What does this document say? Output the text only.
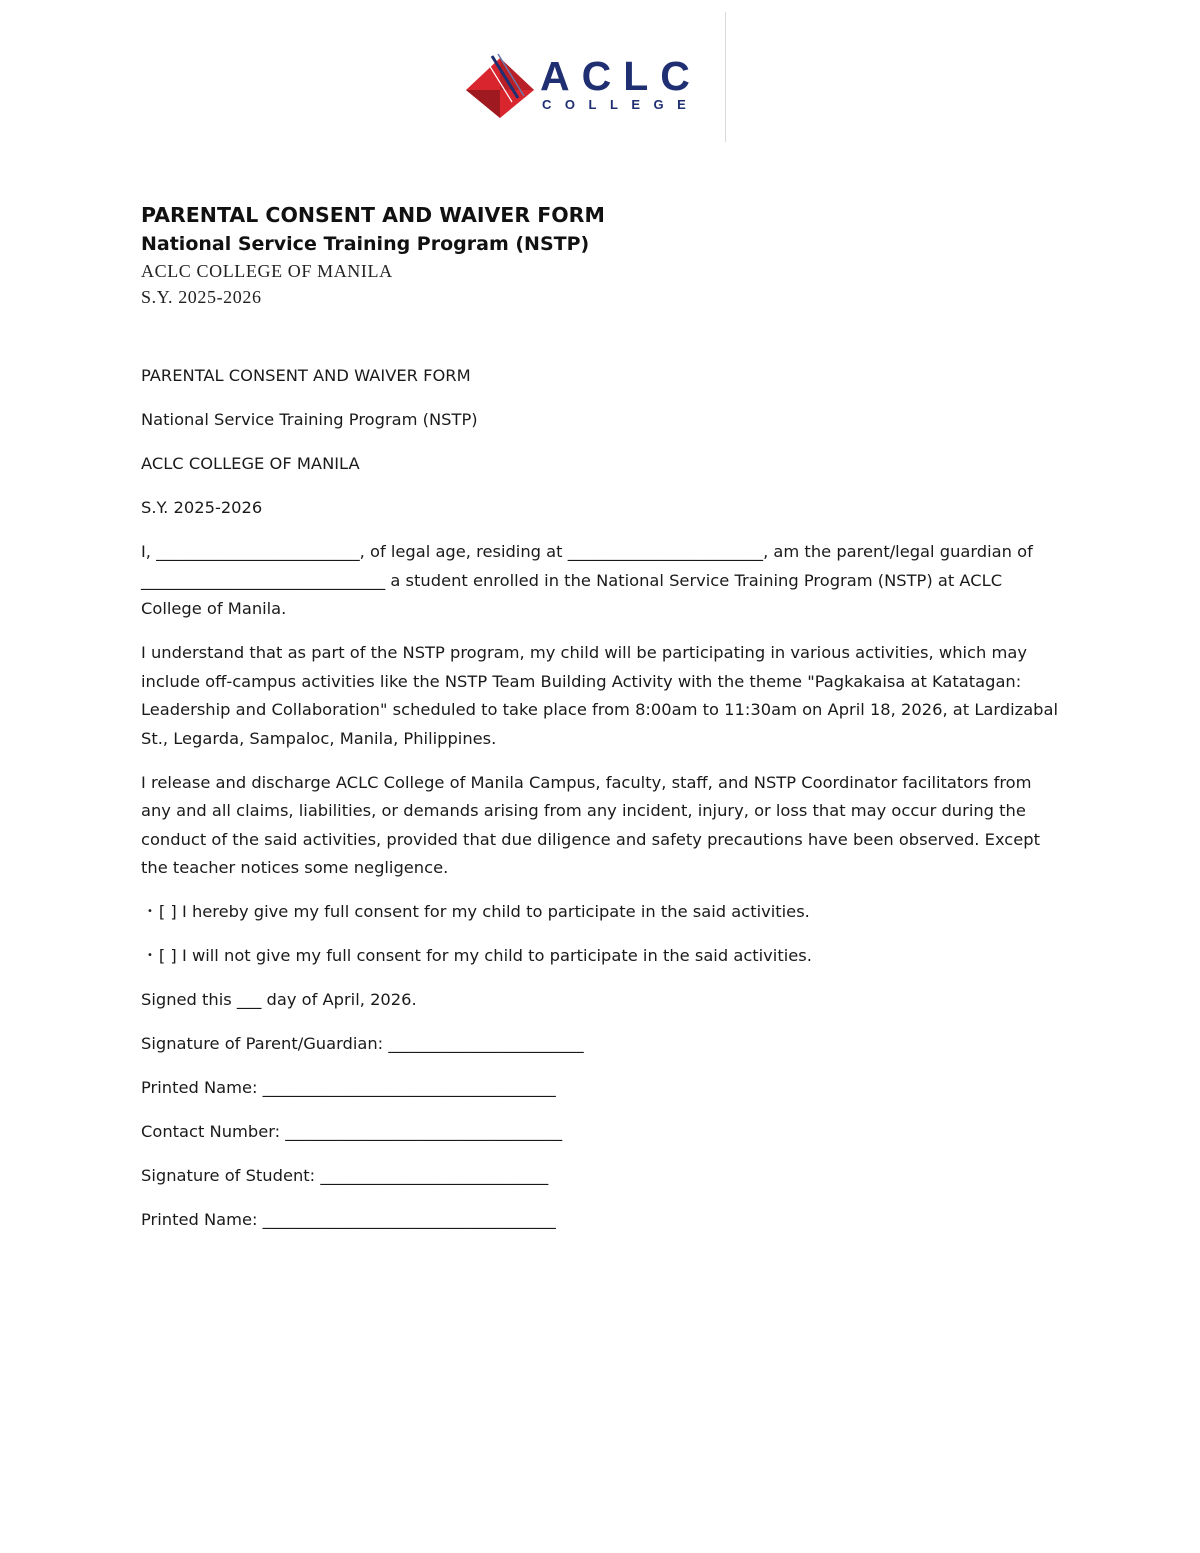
ACLC
COLLEGE
PARENTAL CONSENT AND WAIVER FORM
National Service Training Program (NSTP)
ACLC COLLEGE OF MANILA
S.Y. 2025-2026

PARENTAL CONSENT AND WAIVER FORM

National Service Training Program (NSTP)

ACLC COLLEGE OF MANILA

S.Y. 2025-2026

I, _________________________, of legal age, residing at ________________________, am the parent/legal guardian of ______________________________ a student enrolled in the National Service Training Program (NSTP) at ACLC College of Manila.

I understand that as part of the NSTP program, my child will be participating in various activities, which may include off-campus activities like the NSTP Team Building Activity with the theme "Pagkakaisa at Katatagan: Leadership and Collaboration" scheduled to take place from 8:00am to 11:30am on April 18, 2026, at Lardizabal St., Legarda, Sampaloc, Manila, Philippines.

I release and discharge ACLC College of Manila Campus, faculty, staff, and NSTP Coordinator facilitators from any and all claims, liabilities, or demands arising from any incident, injury, or loss that may occur during the conduct of the said activities, provided that due diligence and safety precautions have been observed. Except the teacher notices some negligence.

• [ ] I hereby give my full consent for my child to participate in the said activities.

• [ ] I will not give my full consent for my child to participate in the said activities.

Signed this ___ day of April, 2026.

Signature of Parent/Guardian: ________________________

Printed Name: ____________________________________

Contact Number: __________________________________

Signature of Student: ____________________________

Printed Name: ____________________________________
